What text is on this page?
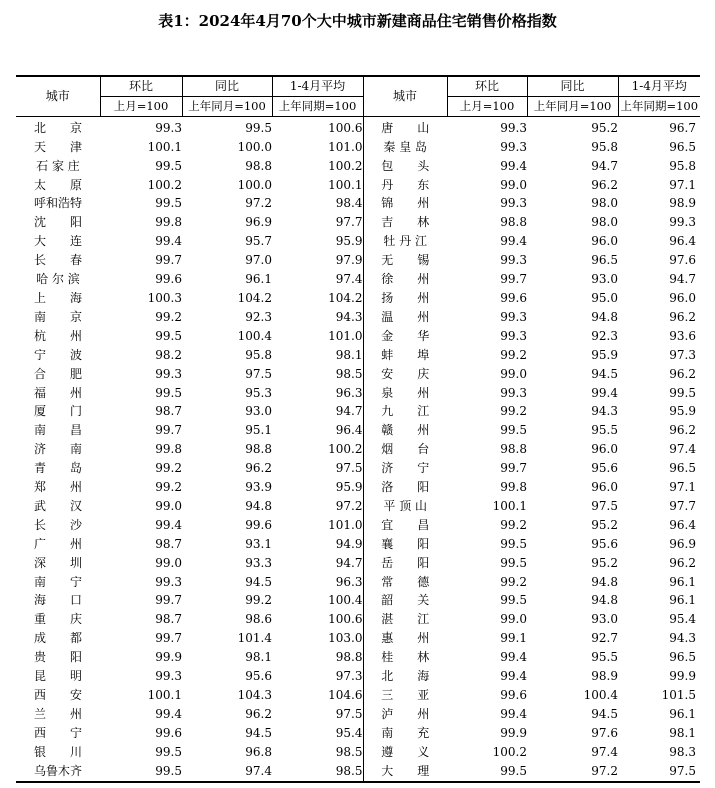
表1：2024年4月70个大中城市新建商品住宅销售价格指数
城市	环比	同比	1-4月平均	城市	环比	同比	1-4月平均
	上月=100	上年同月=100	上年同期=100		上月=100	上年同月=100	上年同期=100
北　　京	99.3	99.5	100.6	唐　　山	99.3	95.2	96.7
天　　津	100.1	100.0	101.0	秦 皇 岛	99.3	95.8	96.5
石 家 庄	99.5	98.8	100.2	包　　头	99.4	94.7	95.8
太　　原	100.2	100.0	100.1	丹　　东	99.0	96.2	97.1
呼和浩特	99.5	97.2	98.4	锦　　州	99.3	98.0	98.9
沈　　阳	99.8	96.9	97.7	吉　　林	98.8	98.0	99.3
大　　连	99.4	95.7	95.9	牡 丹 江	99.4	96.0	96.4
长　　春	99.7	97.0	97.9	无　　锡	99.3	96.5	97.6
哈 尔 滨	99.6	96.1	97.4	徐　　州	99.7	93.0	94.7
上　　海	100.3	104.2	104.2	扬　　州	99.6	95.0	96.0
南　　京	99.2	92.3	94.3	温　　州	99.3	94.8	96.2
杭　　州	99.5	100.4	101.0	金　　华	99.3	92.3	93.6
宁　　波	98.2	95.8	98.1	蚌　　埠	99.2	95.9	97.3
合　　肥	99.3	97.5	98.5	安　　庆	99.0	94.5	96.2
福　　州	99.5	95.3	96.3	泉　　州	99.3	99.4	99.5
厦　　门	98.7	93.0	94.7	九　　江	99.2	94.3	95.9
南　　昌	99.7	95.1	96.4	赣　　州	99.5	95.5	96.2
济　　南	99.8	98.8	100.2	烟　　台	98.8	96.0	97.4
青　　岛	99.2	96.2	97.5	济　　宁	99.7	95.6	96.5
郑　　州	99.2	93.9	95.9	洛　　阳	99.8	96.0	97.1
武　　汉	99.0	94.8	97.2	平 顶 山	100.1	97.5	97.7
长　　沙	99.4	99.6	101.0	宜　　昌	99.2	95.2	96.4
广　　州	98.7	93.1	94.9	襄　　阳	99.5	95.6	96.9
深　　圳	99.0	93.3	94.7	岳　　阳	99.5	95.2	96.2
南　　宁	99.3	94.5	96.3	常　　德	99.2	94.8	96.1
海　　口	99.7	99.2	100.4	韶　　关	99.5	94.8	96.1
重　　庆	98.7	98.6	100.6	湛　　江	99.0	93.0	95.4
成　　都	99.7	101.4	103.0	惠　　州	99.1	92.7	94.3
贵　　阳	99.9	98.1	98.8	桂　　林	99.4	95.5	96.5
昆　　明	99.3	95.6	97.3	北　　海	99.4	98.9	99.9
西　　安	100.1	104.3	104.6	三　　亚	99.6	100.4	101.5
兰　　州	99.4	96.2	97.5	泸　　州	99.4	94.5	96.1
西　　宁	99.6	94.5	95.4	南　　充	99.9	97.6	98.1
银　　川	99.5	96.8	98.5	遵　　义	100.2	97.4	98.3
乌鲁木齐	99.5	97.4	98.5	大　　理	99.5	97.2	97.5
